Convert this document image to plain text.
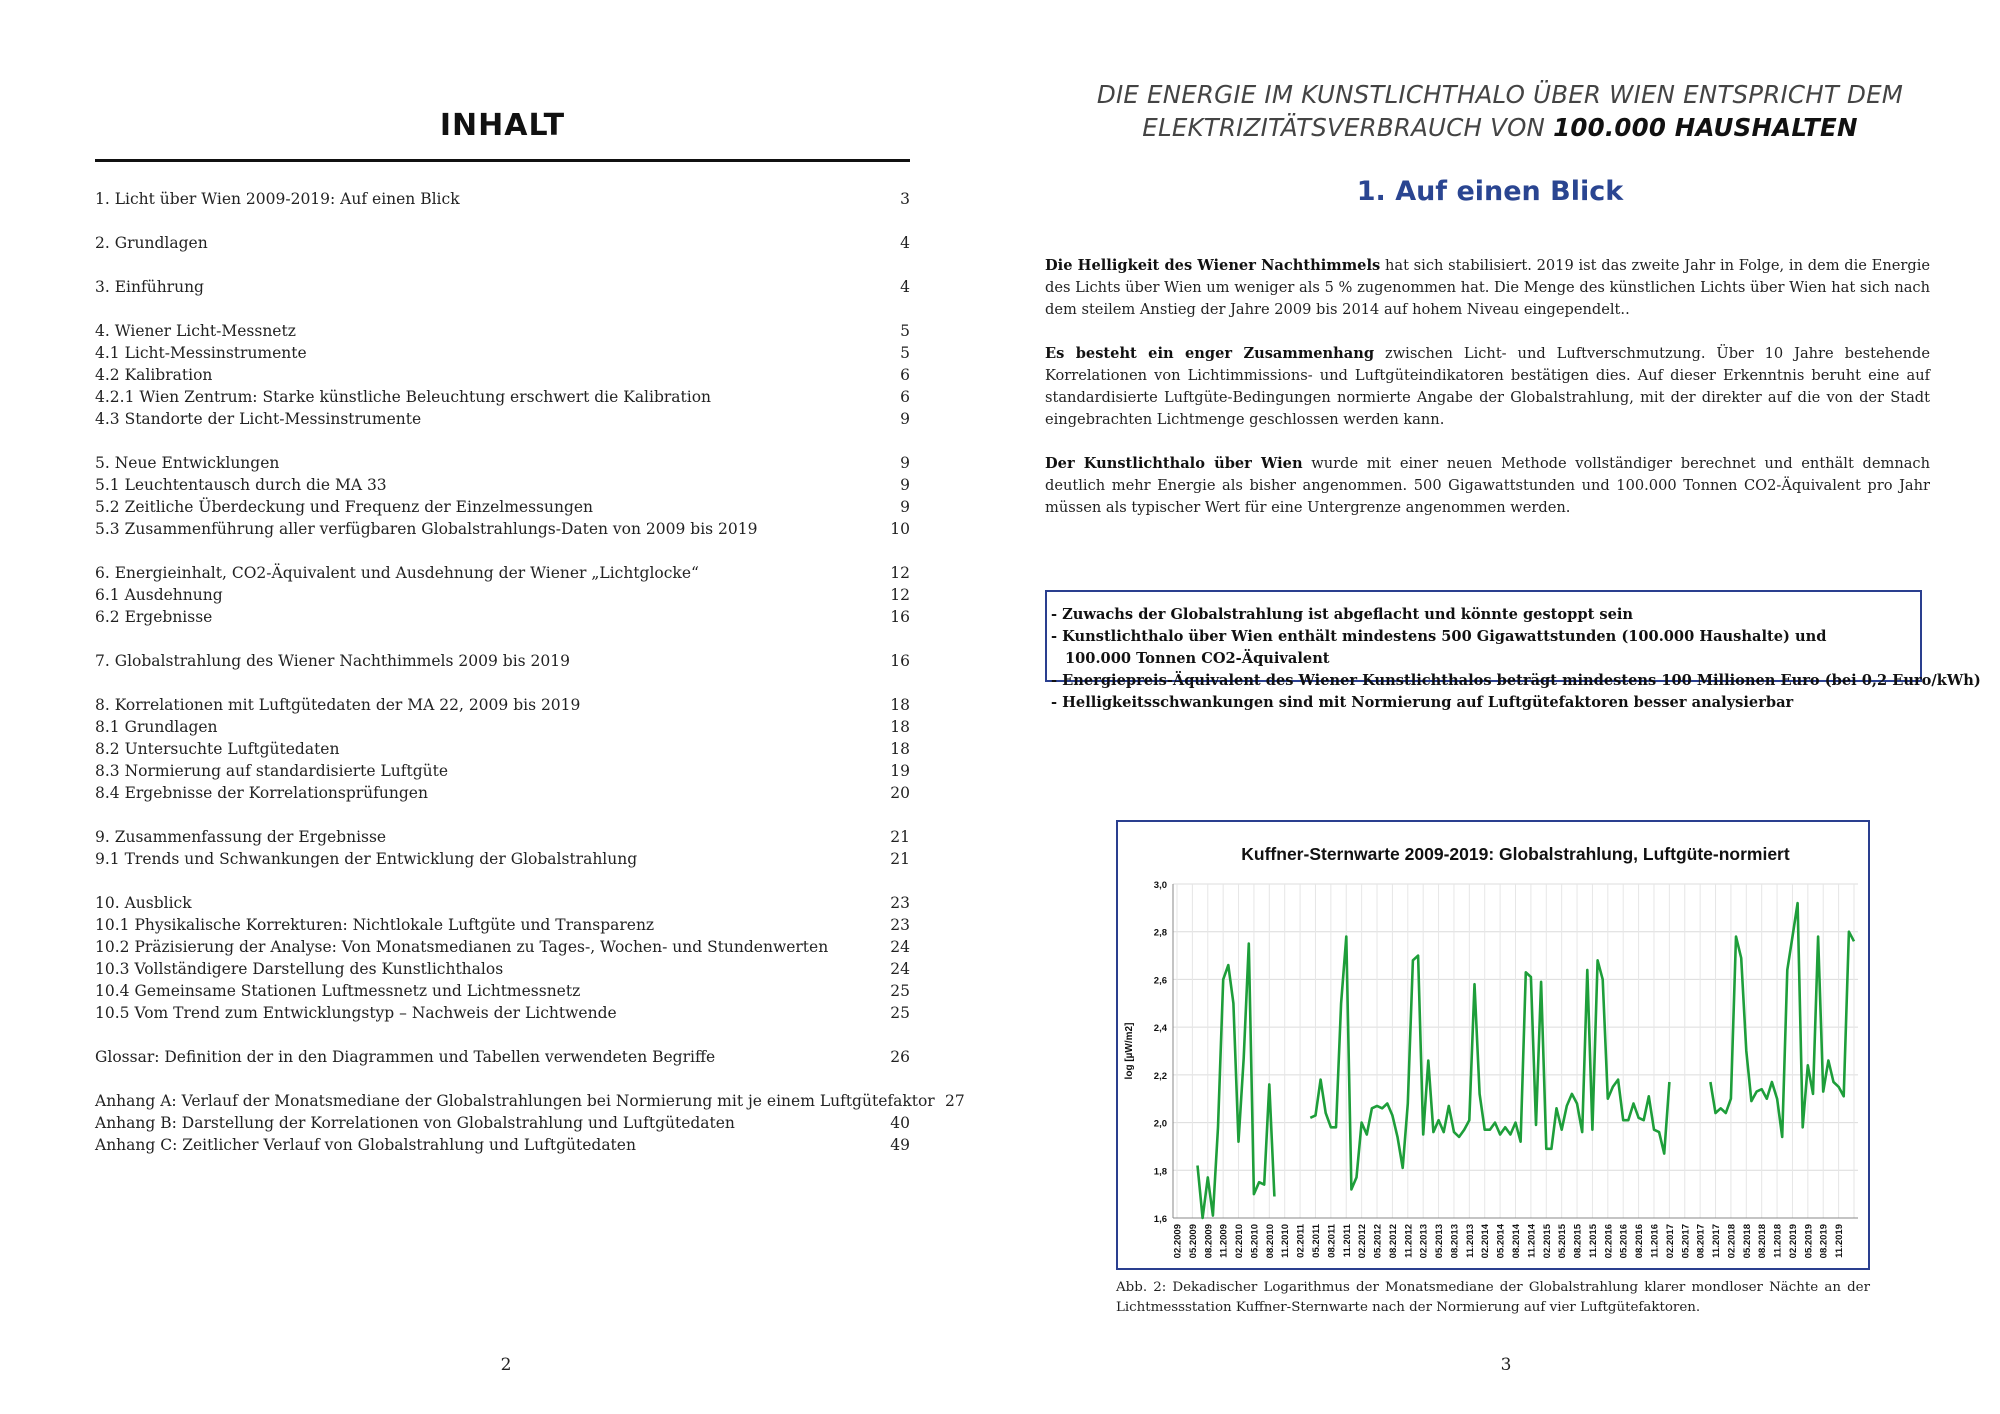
INHALT
1. Licht über Wien 2009-2019: Auf einen Blick	3
2. Grundlagen	4
3. Einführung	4
4. Wiener Licht-Messnetz	5
4.1 Licht-Messinstrumente	5
4.2 Kalibration	6
4.2.1 Wien Zentrum: Starke künstliche Beleuchtung erschwert die Kalibration	6
4.3 Standorte der Licht-Messinstrumente	9
5. Neue Entwicklungen	9
5.1 Leuchtentausch durch die MA 33	9
5.2 Zeitliche Überdeckung und Frequenz der Einzelmessungen	9
5.3 Zusammenführung aller verfügbaren Globalstrahlungs-Daten von 2009 bis 2019	10
6. Energieinhalt, CO2-Äquivalent und Ausdehnung der Wiener „Lichtglocke“	12
6.1 Ausdehnung	12
6.2 Ergebnisse	16
7. Globalstrahlung des Wiener Nachthimmels 2009 bis 2019	16
8. Korrelationen mit Luftgütedaten der MA 22, 2009 bis 2019	18
8.1 Grundlagen	18
8.2 Untersuchte Luftgütedaten	18
8.3 Normierung auf standardisierte Luftgüte	19
8.4 Ergebnisse der Korrelationsprüfungen	20
9. Zusammenfassung der Ergebnisse	21
9.1 Trends und Schwankungen der Entwicklung der Globalstrahlung	21
10. Ausblick	23
10.1 Physikalische Korrekturen: Nichtlokale Luftgüte und Transparenz	23
10.2 Präzisierung der Analyse: Von Monatsmedianen zu Tages-, Wochen- und Stundenwerten	24
10.3 Vollständigere Darstellung des Kunstlichthalos	24
10.4 Gemeinsame Stationen Luftmessnetz und Lichtmessnetz	25
10.5 Vom Trend zum Entwicklungstyp – Nachweis der Lichtwende	25
Glossar: Definition der in den Diagrammen und Tabellen verwendeten Begriffe	26
Anhang A: Verlauf der Monatsmediane der Globalstrahlungen bei Normierung mit je einem Luftgütefaktor 27
Anhang B: Darstellung der Korrelationen von Globalstrahlung und Luftgütedaten	40
Anhang C: Zeitlicher Verlauf von Globalstrahlung und Luftgütedaten	49
2
DIE ENERGIE IM KUNSTLICHTHALO ÜBER WIEN ENTSPRICHT DEM
ELEKTRIZITÄTSVERBRAUCH VON 100.000 HAUSHALTEN
1. Auf einen Blick
Die Helligkeit des Wiener Nachthimmels hat sich stabilisiert. 2019 ist das zweite Jahr in Folge, in dem die Energie des Lichts über Wien um weniger als 5 % zugenommen hat. Die Menge des künstlichen Lichts über Wien hat sich nach dem steilem Anstieg der Jahre 2009 bis 2014 auf hohem Niveau eingependelt..
Es besteht ein enger Zusammenhang zwischen Licht- und Luftverschmutzung. Über 10 Jahre bestehende Korrelationen von Lichtimmissions- und Luftgüteindikatoren bestätigen dies. Auf dieser Erkenntnis beruht eine auf standardisierte Luftgüte-Bedingungen normierte Angabe der Globalstrahlung, mit der direkter auf die von der Stadt eingebrachten Lichtmenge geschlossen werden kann.
Der Kunstlichthalo über Wien wurde mit einer neuen Methode vollständiger berechnet und enthält demnach deutlich mehr Energie als bisher angenommen. 500 Gigawattstunden und 100.000 Tonnen CO2-Äquivalent pro Jahr müssen als typischer Wert für eine Untergrenze angenommen werden.
- Zuwachs der Globalstrahlung ist abgeflacht und könnte gestoppt sein
- Kunstlichthalo über Wien enthält mindestens 500 Gigawattstunden (100.000 Haushalte) und
100.000 Tonnen CO2-Äquivalent
- Energiepreis-Äquivalent des Wiener Kunstlichthalos beträgt mindestens 100 Millionen Euro (bei 0,2 Euro/kWh)
- Helligkeitsschwankungen sind mit Normierung auf Luftgütefaktoren besser analysierbar
Kuffner-Sternwarte 2009-2019: Globalstrahlung, Luftgüte-normiert
1,6
1,8
2,0
2,2
2,4
2,6
2,8
3,0
log [µW/m2]
02.2009 05.2009 08.2009 11.2009 02.2010 05.2010 08.2010 11.2010 02.2011 05.2011 08.2011 11.2011 02.2012 05.2012 08.2012 11.2012 02.2013 05.2013 08.2013 11.2013 02.2014 05.2014 08.2014 11.2014 02.2015 05.2015 08.2015 11.2015 02.2016 05.2016 08.2016 11.2016 02.2017 05.2017 08.2017 11.2017 02.2018 05.2018 08.2018 11.2018 02.2019 05.2019 08.2019 11.2019
Abb. 2: Dekadischer Logarithmus der Monatsmediane der Globalstrahlung klarer mondloser Nächte an der Lichtmessstation Kuffner-Sternwarte nach der Normierung auf vier Luftgütefaktoren.
3
